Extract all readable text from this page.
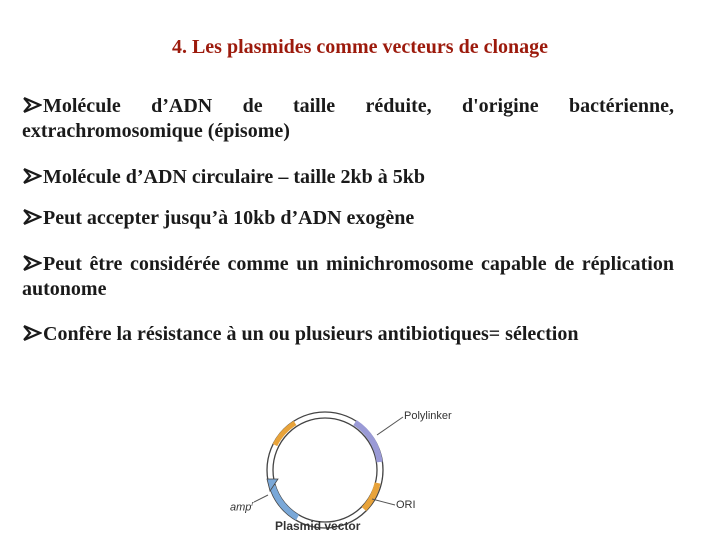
4. Les plasmides comme vecteurs de clonage
Molécule d’ADN de taille réduite, d'origine bactérienne, extrachromosomique (épisome)
Molécule d’ADN circulaire – taille 2kb à 5kb
Peut accepter jusqu’à 10kb d’ADN exogène
Peut être considérée comme un minichromosome capable de réplication autonome
Confère la résistance à un ou plusieurs antibiotiques= sélection
Polylinker
ORI
amp$^r$
Plasmid vector
